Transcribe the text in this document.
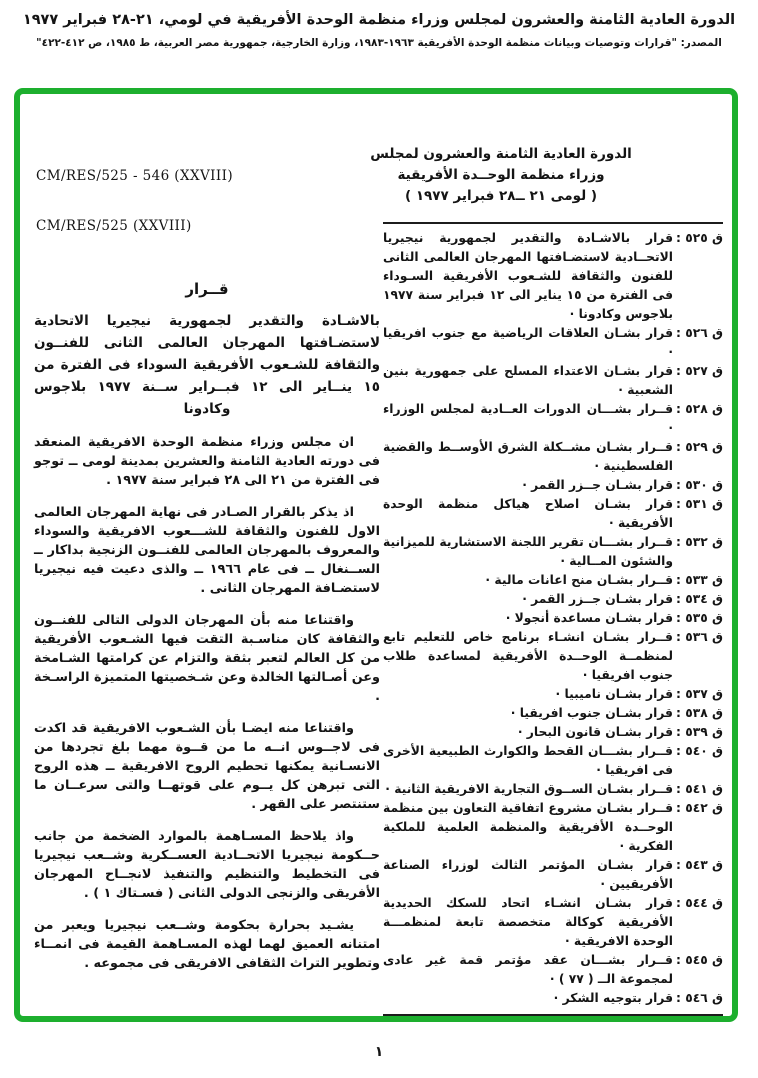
الدورة العادية الثامنة والعشرون لمجلس وزراء منظمة الوحدة الأفريقية في لومي، ٢١-٢٨ فبراير ١٩٧٧
المصدر: "قرارات وتوصيات وبيانات منظمة الوحدة الأفريقية ١٩٦٣-١٩٨٣، وزارة الخارجية، جمهورية مصر العربية، ط ١٩٨٥، ص ٤١٢-٤٢٢"
الدورة العادية الثامنة والعشرون لمجلس
وزراء منظمة الوحــدة الأفريقية
( لومى ٢١ ــ٢٨ فبراير ١٩٧٧ )
CM/RES/525 - 546 (XXVIII)
CM/RES/525 (XXVIII)
قــرار
بالاشـادة والتقدير لجمهورية نيجيريا الاتحادية لاستضـافتها المهرجان العالمى الثانى للفنــون والثقافة للشـعوب الأفريقية السوداء فى الفترة من ١٥ ينــاير الى ١٢ فبــراير ســنة ١٩٧٧ بلاجوس وكادونا
ان مجلس وزراء منظمة الوحدة الافريقية المنعقد فى دورته العادية الثامنة والعشرين بمدينة لومى ــ توجو فى الفترة من ٢١ الى ٢٨ فبراير سنة ١٩٧٧ .
اذ يذكر بالقرار الصـادر فى نهاية المهرجان العالمى الاول للفنون والثقافة للشـــعوب الافريقية والسوداء والمعروف بالمهرجان العالمى للفنــون الزنجية بداكار ــ الســنغال ــ فى عام ١٩٦٦ ــ والذى دعيت فيه نيجيريا لاستضـافة المهرجان الثانى .
واقتناعا منه بأن المهرجان الدولى التالى للفنــون والثقافة كان مناسـبة التقت فيها الشـعوب الأفريقية من كل العالم لتعبر بثقة والتزام عن كرامتها الشـامخة وعن أصـالتها الخالدة وعن شـخصيتها المتميزة الراسـخة .
واقتناعا منه ايضـا بأن الشـعوب الافريقية قد اكدت فى لاجــوس انــه ما من قــوة مهما بلغ تجردها من الانسـانية يمكنها تحطيم الروح الافريقية ــ هذه الروح التى تبرهن كل يــوم على قوتهــا والتى سرعــان ما ستنتصر على القهر .
واذ يلاحظ المسـاهمة بالموارد الضخمة من جانب حــكومة نيجيريا الاتحــادية العســكرية وشــعب نيجيريا فى التخطيط والتنظيم والتنفيذ لانجــاح المهرجان الأفريقى والزنجى الدولى الثانى ( فسـتاك ١ ) .
يشـيد بحرارة بحكومة وشــعب نيجيريا ويعبر من امتنانه العميق لهما لهذه المسـاهمة القيمة فى انمــاء وتطوير التراث الثقافى الافريقى فى مجموعه .
ق ٥٢٥ :
قرار بالاشـادة والتقدير لجمهورية نيجيريا الاتحــادية لاستضـافتها المهرجان العالمى الثانى للفنون والثقافة للشـعوب الأفريقية السـوداء فى الفترة من ١٥ يناير الى ١٢ فبراير سنة ١٩٧٧ بلاجوس وكادونا ·
ق ٥٢٦ :
قرار بشـان العلاقات الرياضية مع جنوب افريقيا ·
ق ٥٢٧ :
قرار بشـان الاعتداء المسلح على جمهورية بنين الشعبية ·
ق ٥٢٨ :
قــرار بشـــان الدورات العــادية لمجلس الوزراء ·
ق ٥٢٩ :
قــرار بشـان مشــكلة الشرق الأوســط والقضية الفلسطينية ·
ق ٥٣٠ :
قرار بشـان جــزر القمر ·
ق ٥٣١ :
قرار بشـان اصلاح هياكل منظمة الوحدة الأفريقية ·
ق ٥٣٢ :
قــرار بشـــان تقرير اللجنة الاستشارية للميزانية والشئون المــالية ·
ق ٥٣٣ :
قــرار بشـان منح اعانات مالية ·
ق ٥٣٤ :
قرار بشـان جــزر القمر ·
ق ٥٣٥ :
قرار بشـان مساعدة أنجولا ·
ق ٥٣٦ :
قــرار بشـان انشـاء برنامج خاص للتعليم تابع لمنظمــة الوحــدة الأفريقية لمساعدة طلاب جنوب افريقيا ·
ق ٥٣٧ :
قرار بشـان ناميبيا ·
ق ٥٣٨ :
قرار بشـان جنوب افريقيا ·
ق ٥٣٩ :
قرار بشـان قانون البحار ·
ق ٥٤٠ :
قــرار بشـــان القحط والكوارث الطبيعية الأخرى فى افريقيا ·
ق ٥٤١ :
قــرار بشـان الســوق التجارية الافريقية الثانية ·
ق ٥٤٢ :
قــرار بشـان مشروع اتفاقية التعاون بين منظمة الوحــدة الأفريقية والمنظمة العلمية للملكية الفكرية ·
ق ٥٤٣ :
قرار بشـان المؤتمر الثالث لوزراء الصناعة الأفريقيين ·
ق ٥٤٤ :
قرار بشـان انشـاء اتحاد للسكك الحديدية الأفريقية كوكالة متخصصة تابعة لمنظمـــة الوحدة الافريقية ·
ق ٥٤٥ :
قــرار بشـــان عقد مؤتمر قمة غير عادى لمجموعة الــ ( ٧٧ ) ·
ق ٥٤٦ :
قرار بتوجيه الشكر ·
١
